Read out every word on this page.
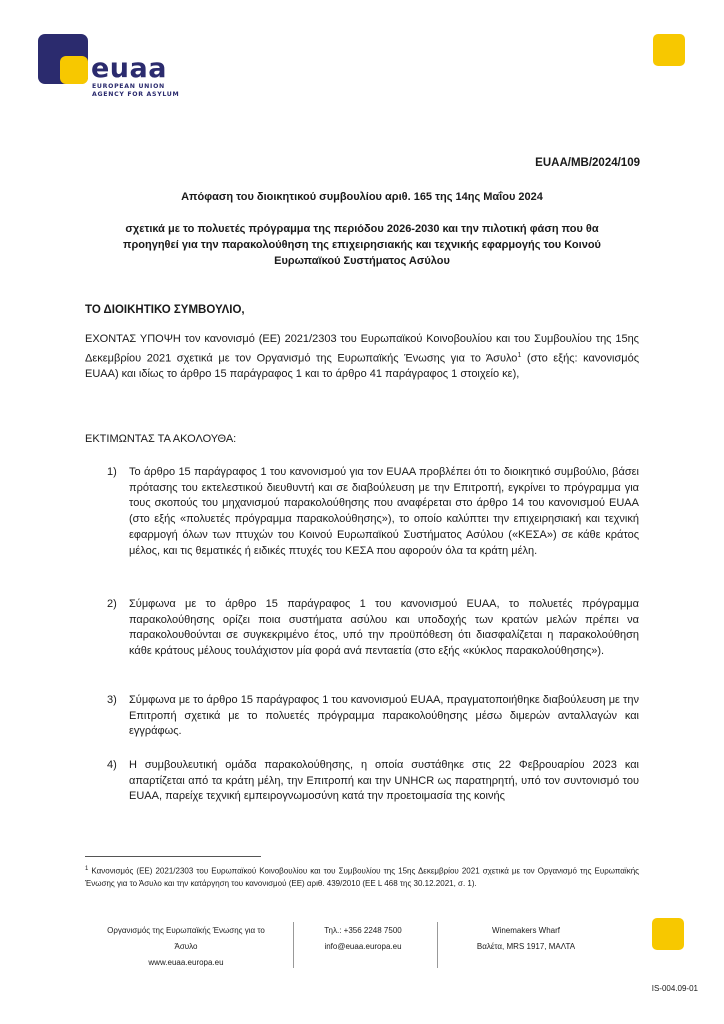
euaa
EUROPEAN UNION
AGENCY FOR ASYLUM
EUAA/MB/2024/109
Απόφαση του διοικητικού συμβουλίου αριθ. 165 της 14ης Μαΐου 2024
σχετικά με το πολυετές πρόγραμμα της περιόδου 2026-2030 και την πιλοτική φάση που θα
προηγηθεί για την παρακολούθηση της επιχειρησιακής και τεχνικής εφαρμογής του Κοινού
Ευρωπαϊκού Συστήματος Ασύλου
ΤΟ ΔΙΟΙΚΗΤΙΚΟ ΣΥΜΒΟΥΛΙΟ,
ΕΧΟΝΤΑΣ ΥΠΟΨΗ τον κανονισμό (ΕΕ) 2021/2303 του Ευρωπαϊκού Κοινοβουλίου και του Συμβουλίου της 15ης Δεκεμβρίου 2021 σχετικά με τον Οργανισμό της Ευρωπαϊκής Ένωσης για το Άσυλο$^1$ (στο εξής: κανονισμός EUAA) και ιδίως το άρθρο 15 παράγραφος 1 και το άρθρο 41 παράγραφος 1 στοιχείο κε),
ΕΚΤΙΜΩΝΤΑΣ ΤΑ ΑΚΟΛΟΥΘΑ:
1) Το άρθρο 15 παράγραφος 1 του κανονισμού για τον EUAA προβλέπει ότι το διοικητικό συμβούλιο, βάσει πρότασης του εκτελεστικού διευθυντή και σε διαβούλευση με την Επιτροπή, εγκρίνει το πρόγραμμα για τους σκοπούς του μηχανισμού παρακολούθησης που αναφέρεται στο άρθρο 14 του κανονισμού EUAA (στο εξής «πολυετές πρόγραμμα παρακολούθησης»), το οποίο καλύπτει την επιχειρησιακή και τεχνική εφαρμογή όλων των πτυχών του Κοινού Ευρωπαϊκού Συστήματος Ασύλου («ΚΕΣΑ») σε κάθε κράτος μέλος, και τις θεματικές ή ειδικές πτυχές του ΚΕΣΑ που αφορούν όλα τα κράτη μέλη.
2) Σύμφωνα με το άρθρο 15 παράγραφος 1 του κανονισμού EUAA, το πολυετές πρόγραμμα παρακολούθησης ορίζει ποια συστήματα ασύλου και υποδοχής των κρατών μελών πρέπει να παρακολουθούνται σε συγκεκριμένο έτος, υπό την προϋπόθεση ότι διασφαλίζεται η παρακολούθηση κάθε κράτους μέλους τουλάχιστον μία φορά ανά πενταετία (στο εξής «κύκλος παρακολούθησης»).
3) Σύμφωνα με το άρθρο 15 παράγραφος 1 του κανονισμού EUAA, πραγματοποιήθηκε διαβούλευση με την Επιτροπή σχετικά με το πολυετές πρόγραμμα παρακολούθησης μέσω διμερών ανταλλαγών και εγγράφως.
4) Η συμβουλευτική ομάδα παρακολούθησης, η οποία συστάθηκε στις 22 Φεβρουαρίου 2023 και απαρτίζεται από τα κράτη μέλη, την Επιτροπή και την UNHCR ως παρατηρητή, υπό τον συντονισμό του EUAA, παρείχε τεχνική εμπειρογνωμοσύνη κατά την προετοιμασία της κοινής
$^1$ Κανονισμός (ΕΕ) 2021/2303 του Ευρωπαϊκού Κοινοβουλίου και του Συμβουλίου της 15ης Δεκεμβρίου 2021 σχετικά με τον Οργανισμό της Ευρωπαϊκής Ένωσης για το Άσυλο και την κατάργηση του κανονισμού (ΕΕ) αριθ. 439/2010 (ΕΕ L 468 της 30.12.2021, σ. 1).
Οργανισμός της Ευρωπαϊκής Ένωσης για το
Άσυλο
www.euaa.europa.eu
Τηλ.: +356 2248 7500
info@euaa.europa.eu
Winemakers Wharf
Βαλέτα, MRS 1917, ΜΑΛΤΑ
IS-004.09-01
